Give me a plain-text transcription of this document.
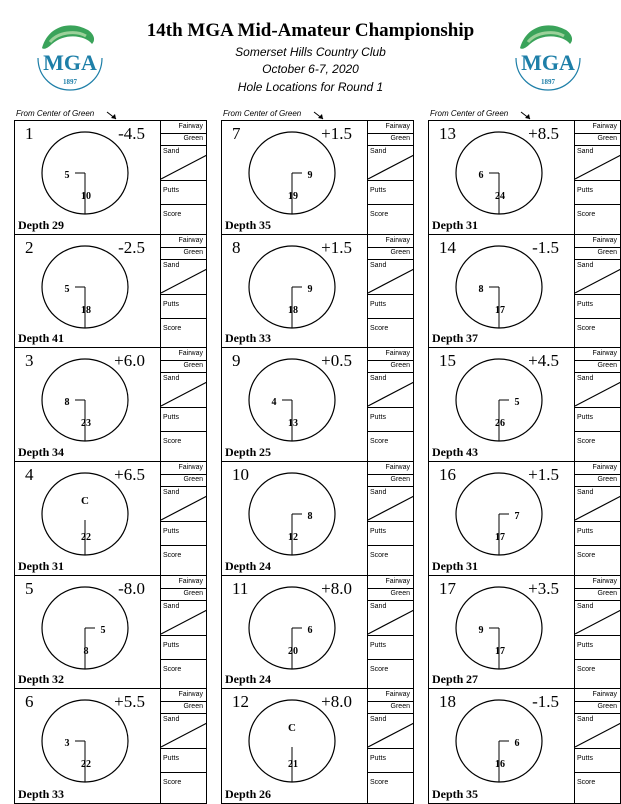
MGA
1897
MGA
1897
14th MGA Mid-Amateur Championship
Somerset Hills Country Club
October 6-7, 2020
Hole Locations for Round 1
From Center of Green
1	-4.5
5
10
Depth 29
Fairway
Green
Sand
Putts
Score
2	-2.5
5
18
Depth 41
Fairway
Green
Sand
Putts
Score
3	+6.0
8
23
Depth 34
Fairway
Green
Sand
Putts
Score
4	+6.5
C
22
Depth 31
Fairway
Green
Sand
Putts
Score
5	-8.0
5
8
Depth 32
Fairway
Green
Sand
Putts
Score
6	+5.5
3
22
Depth 33
Fairway
Green
Sand
Putts
Score
From Center of Green
7	+1.5
9
19
Depth 35
Fairway
Green
Sand
Putts
Score
8	+1.5
9
18
Depth 33
Fairway
Green
Sand
Putts
Score
9	+0.5
4
13
Depth 25
Fairway
Green
Sand
Putts
Score
10
8
12
Depth 24
Fairway
Green
Sand
Putts
Score
11	+8.0
6
20
Depth 24
Fairway
Green
Sand
Putts
Score
12	+8.0
C
21
Depth 26
Fairway
Green
Sand
Putts
Score
From Center of Green
13	+8.5
6
24
Depth 31
Fairway
Green
Sand
Putts
Score
14	-1.5
8
17
Depth 37
Fairway
Green
Sand
Putts
Score
15	+4.5
5
26
Depth 43
Fairway
Green
Sand
Putts
Score
16	+1.5
7
17
Depth 31
Fairway
Green
Sand
Putts
Score
17	+3.5
9
17
Depth 27
Fairway
Green
Sand
Putts
Score
18	-1.5
6
16
Depth 35
Fairway
Green
Sand
Putts
Score
